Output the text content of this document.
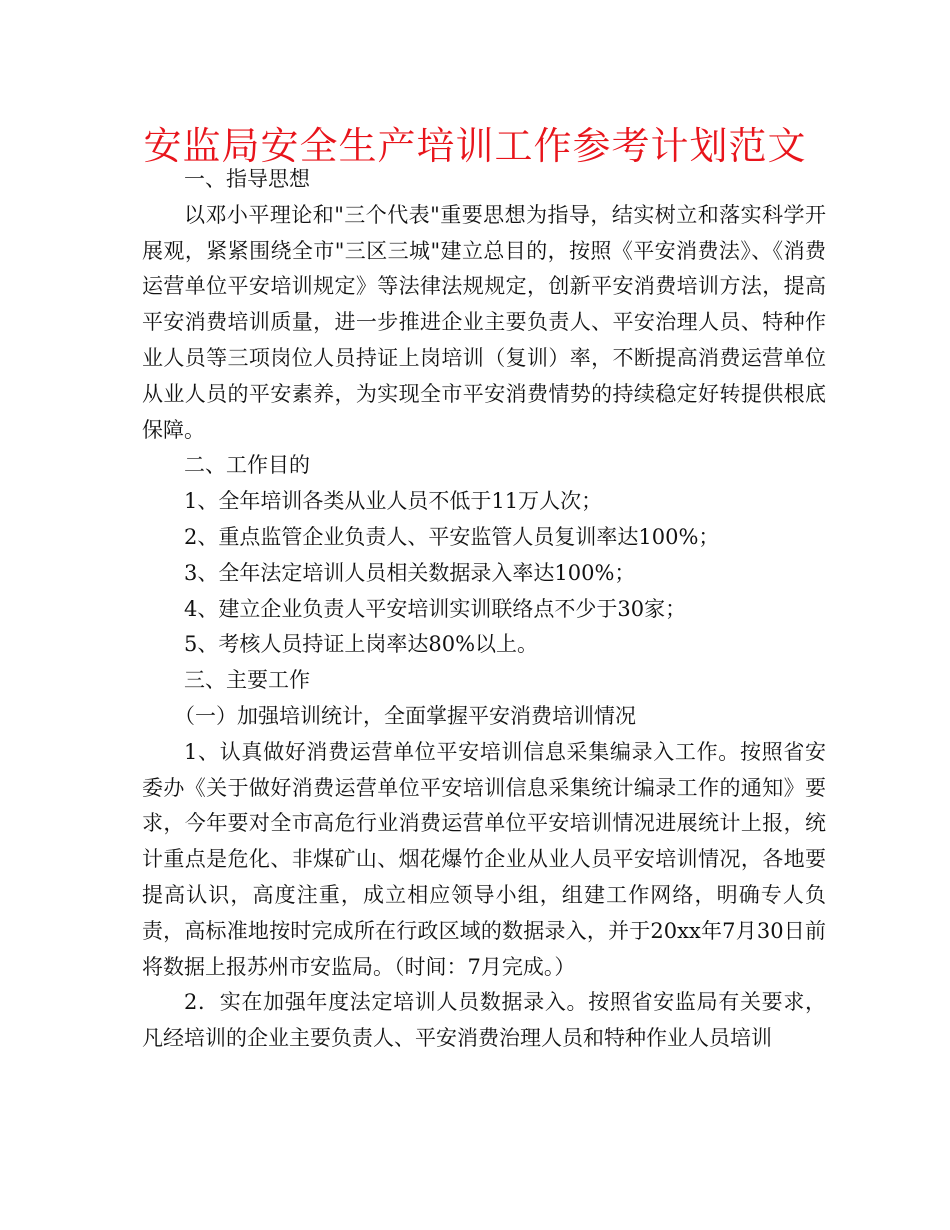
安监局安全生产培训工作参考计划范文

一、指导思想

以邓小平理论和"三个代表"重要思想为指导，结实树立和落实科学开展观，紧紧围绕全市"三区三城"建立总目的，按照《平安消费法》、《消费运营单位平安培训规定》等法律法规规定，创新平安消费培训方法，提高平安消费培训质量，进一步推进企业主要负责人、平安治理人员、特种作业人员等三项岗位人员持证上岗培训（复训）率，不断提高消费运营单位从业人员的平安素养，为实现全市平安消费情势的持续稳定好转提供根底保障。

二、工作目的

1、全年培训各类从业人员不低于11万人次；

2、重点监管企业负责人、平安监管人员复训率达100%；

3、全年法定培训人员相关数据录入率达100%；

4、建立企业负责人平安培训实训联络点不少于30家；

5、考核人员持证上岗率达80%以上。

三、主要工作

（一）加强培训统计，全面掌握平安消费培训情况

1、认真做好消费运营单位平安培训信息采集编录入工作。按照省安委办《关于做好消费运营单位平安培训信息采集统计编录工作的通知》要求，今年要对全市高危行业消费运营单位平安培训情况进展统计上报，统计重点是危化、非煤矿山、烟花爆竹企业从业人员平安培训情况，各地要提高认识，高度注重，成立相应领导小组，组建工作网络，明确专人负责，高标准地按时完成所在行政区域的数据录入，并于20xx年7月30日前将数据上报苏州市安监局。（时间：7月完成。）

2．实在加强年度法定培训人员数据录入。按照省安监局有关要求，凡经培训的企业主要负责人、平安消费治理人员和特种作业人员培训
